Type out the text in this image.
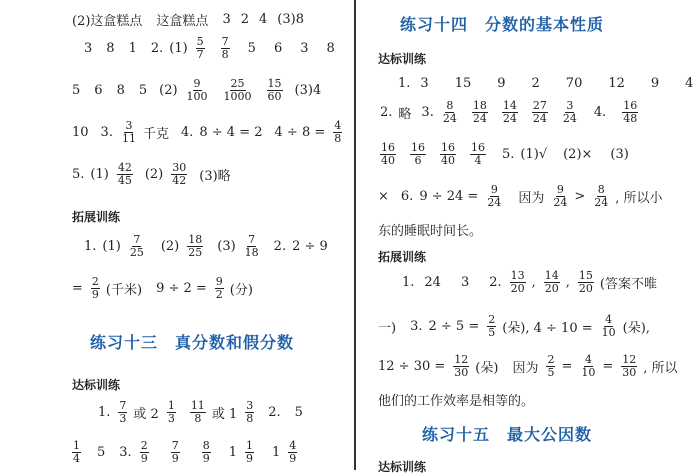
(2)这盒糕点 这盒糕点 3 2 4 (3)8
3 8 1 2. $(1) \frac{5}{7} \frac{7}{8} 5$ 6 3 8
5 6 8 5 $(2) \frac{9}{100} \frac{25}{1000} \frac{15}{60} (3)4$
10 3. $\frac{3}{11}$ 千克 4. 8 ÷ 4 = 2 $4 \div 8 = \frac{4}{8}$
5. $(1) \frac{42}{45} (2) \frac{30}{42} (3)$略
拓展训练
1. $(1) \frac{7}{25} (2) \frac{18}{25} (3) \frac{7}{18} 2$. 2 ÷ 9
= $\frac{2}{9}$ (千米) $9 \div 2 = \frac{9}{2}$ (分)
练习十三　真分数和假分数
达标训练
1. $\frac{7}{3}$ 或 $2 \frac{1}{3} \frac{11}{8}$ 或 $1 \frac{3}{8} 2$. 5
$\frac{1}{4} 5$ 3. $\frac{2}{9} \frac{7}{9} \frac{8}{9} 1 \frac{1}{9} 1 \frac{4}{9}$
练习十四　分数的基本性质
达标训练
1. 3 15 9 2 70 12 9 4
2. 略 3. $\frac{8}{24} \frac{18}{24} \frac{14}{24} \frac{27}{24} \frac{3}{24} 4$. $\frac{16}{48}$
$\frac{16}{40} \frac{16}{6} \frac{16}{40} \frac{16}{4} 5$. (1)√ (2)× (3)
× 6. $9 \div 24 = \frac{9}{24}$ 因为 $\frac{9}{24} > \frac{8}{24}$ , 所以小
东的睡眠时间长。
拓展训练
1. 24 3 2. $\frac{13}{20}$ , $\frac{14}{20}$ , $\frac{15}{20}$ (答案不唯
一) 3. $2 \div 5 = \frac{2}{5}$ (朵), $4 \div 10 = \frac{4}{10}$ (朵),
$12 \div 30 = \frac{12}{30}$ (朵) 因为 $\frac{2}{5} = \frac{4}{10} = \frac{12}{30}$ , 所以
他们的工作效率是相等的。
练习十五　最大公因数
达标训练
